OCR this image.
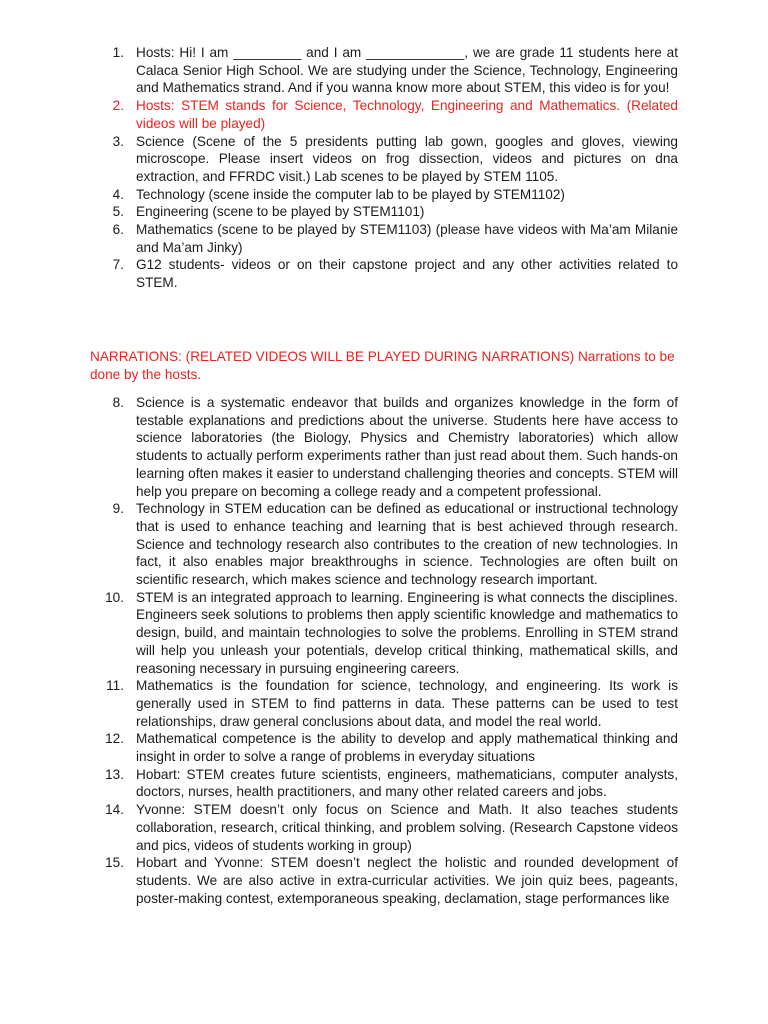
1. Hosts: Hi! I am _________ and I am _____________, we are grade 11 students here at Calaca Senior High School. We are studying under the Science, Technology, Engineering and Mathematics strand. And if you wanna know more about STEM, this video is for you!
2. Hosts: STEM stands for Science, Technology, Engineering and Mathematics. (Related videos will be played)
3. Science (Scene of the 5 presidents putting lab gown, googles and gloves, viewing microscope. Please insert videos on frog dissection, videos and pictures on dna extraction, and FFRDC visit.) Lab scenes to be played by STEM 1105.
4. Technology (scene inside the computer lab to be played by STEM1102)
5. Engineering (scene to be played by STEM1101)
6. Mathematics (scene to be played by STEM1103) (please have videos with Ma’am Milanie and Ma’am Jinky)
7. G12 students- videos or on their capstone project and any other activities related to STEM.
NARRATIONS: (RELATED VIDEOS WILL BE PLAYED DURING NARRATIONS) Narrations to be done by the hosts.
8. Science is a systematic endeavor that builds and organizes knowledge in the form of testable explanations and predictions about the universe. Students here have access to science laboratories (the Biology, Physics and Chemistry laboratories) which allow students to actually perform experiments rather than just read about them. Such hands-on learning often makes it easier to understand challenging theories and concepts. STEM will help you prepare on becoming a college ready and a competent professional.
9. Technology in STEM education can be defined as educational or instructional technology that is used to enhance teaching and learning that is best achieved through research. Science and technology research also contributes to the creation of new technologies. In fact, it also enables major breakthroughs in science. Technologies are often built on scientific research, which makes science and technology research important.
10. STEM is an integrated approach to learning. Engineering is what connects the disciplines. Engineers seek solutions to problems then apply scientific knowledge and mathematics to design, build, and maintain technologies to solve the problems. Enrolling in STEM strand will help you unleash your potentials, develop critical thinking, mathematical skills, and reasoning necessary in pursuing engineering careers.
11. Mathematics is the foundation for science, technology, and engineering. Its work is generally used in STEM to find patterns in data. These patterns can be used to test relationships, draw general conclusions about data, and model the real world.
12. Mathematical competence is the ability to develop and apply mathematical thinking and insight in order to solve a range of problems in everyday situations
13. Hobart: STEM creates future scientists, engineers, mathematicians, computer analysts, doctors, nurses, health practitioners, and many other related careers and jobs.
14. Yvonne: STEM doesn’t only focus on Science and Math. It also teaches students collaboration, research, critical thinking, and problem solving. (Research Capstone videos and pics, videos of students working in group)
15. Hobart and Yvonne: STEM doesn’t neglect the holistic and rounded development of students. We are also active in extra-curricular activities. We join quiz bees, pageants, poster-making contest, extemporaneous speaking, declamation, stage performances like
